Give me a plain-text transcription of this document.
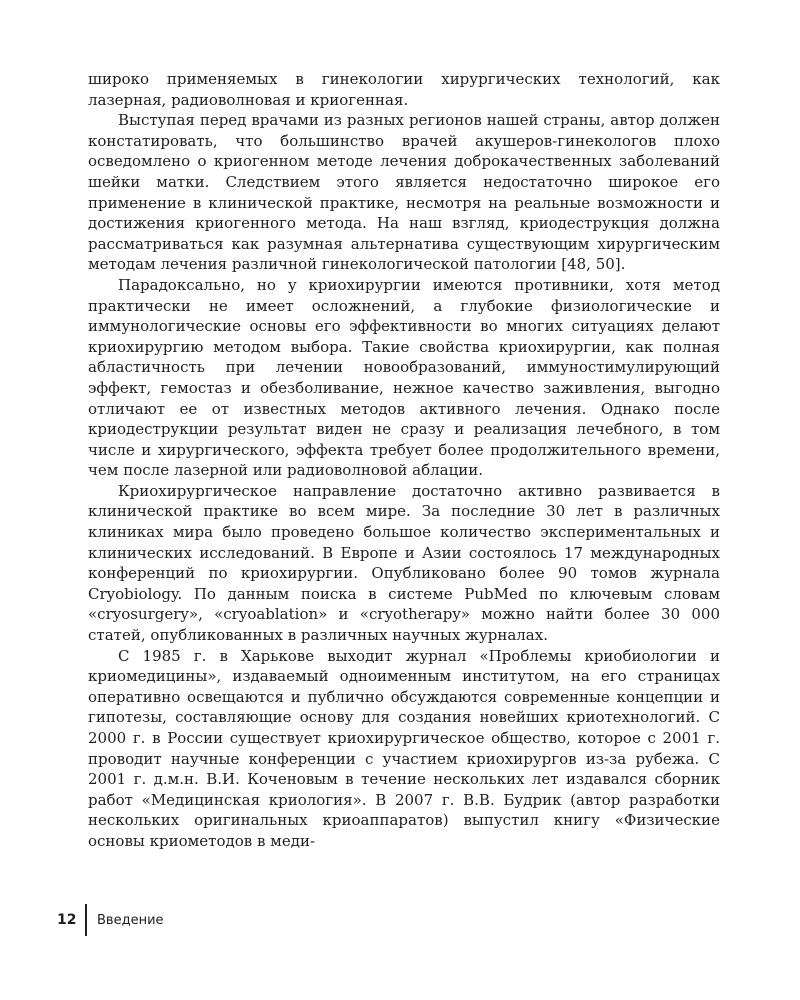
широко применяемых в гинекологии хирургических технологий, как лазерная, радиоволновая и криогенная.

Выступая перед врачами из разных регионов нашей страны, автор должен констатировать, что большинство врачей акушеров-гинекологов плохо осведомлено о криогенном методе лечения доброкачественных заболеваний шейки матки. Следствием этого является недостаточно широкое его применение в клинической практике, несмотря на реальные возможности и достижения криогенного метода. На наш взгляд, криодеструкция должна рассматриваться как разумная альтернатива существующим хирургическим методам лечения различной гинекологической патологии [48, 50].

Парадоксально, но у криохирургии имеются противники, хотя метод практически не имеет осложнений, а глубокие физиологические и иммунологические основы его эффективности во многих ситуациях делают криохирургию методом выбора. Такие свойства криохирургии, как полная абластичность при лечении новообразований, иммуностимулирующий эффект, гемостаз и обезболивание, нежное качество заживления, выгодно отличают ее от известных методов активного лечения. Однако после криодеструкции результат виден не сразу и реализация лечебного, в том числе и хирургического, эффекта требует более продолжительного времени, чем после лазерной или радиоволновой аблации.

Криохирургическое направление достаточно активно развивается в клинической практике во всем мире. За последние 30 лет в различных клиниках мира было проведено большое количество экспериментальных и клинических исследований. В Европе и Азии состоялось 17 международных конференций по криохирургии. Опубликовано более 90 томов журнала Cryobiology. По данным поиска в системе PubMed по ключевым словам «cryosurgery», «cryoablation» и «cryotherapy» можно найти более 30 000 статей, опубликованных в различных научных журналах.

С 1985 г. в Харькове выходит журнал «Проблемы криобиологии и криомедицины», издаваемый одноименным институтом, на его страницах оперативно освещаются и публично обсуждаются современные концепции и гипотезы, составляющие основу для создания новейших криотехнологий. С 2000 г. в России существует криохирургическое общество, которое с 2001 г. проводит научные конференции с участием криохирургов из-за рубежа. С 2001 г. д.м.н. В.И. Коченовым в течение нескольких лет издавался сборник работ «Медицинская криология». В 2007 г. В.В. Будрик (автор разработки нескольких оригинальных криоаппаратов) выпустил книгу «Физические основы криометодов в меди-

12	Введение
